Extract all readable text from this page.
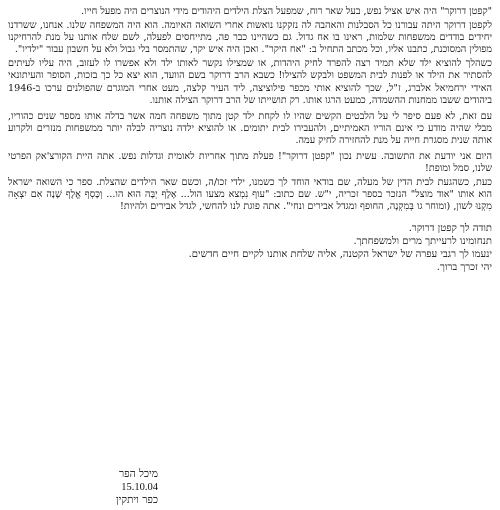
"קפטן דרוקר" היה איש אציל נפש, בעל שאר רוח, שמפעל הצלת הילדים היהודים מידי הנוצרים היה מפעל חייו.

לקפטן דרוקר היתה עבורנו כל הסבלנות והאהבה לה נזקקנו נואשות אחרי השואה האיומה. הוא היה המשפחה שלנו. אנחנו, ששרדנו יחידים בודדים ממשפחות שלמות, ראינו בו אח גדול. גם כשהיינו כבר פה, מתייחסים לפעלה, לשם שלח אותנו על מנת להרחיקנו מפולין המסוכנת, כתבנו אליו, וכל מכתב התחיל ב: "אח היקר". ואכן היה איש יקר, שהתמסר בלי גבול ולא על חשבון עבור "ילדיו".

כשהלך להוציא ילד שלא תמיד רצה להפרד לחיק היהדות, או שמצילו נקשר לאותו ילד ולא אפשרו לו לעזוב, היה עליו לעיתים להסתיר את הילד או לפנות לבית המשפט ולבקש להצילו! כשבא הרב דרוקר בשם הוועד, הוא יצא כל כך בזכות, הסופר והעיתונאי האידי ירחמיאל אלברג, ז"ל, שכך להוציא אותי מכפר פילוציצה, ליד העיר קלצה, מעט אחרי המוגרם שהפולנים ערכו ב-1946 ביהודים ששבו ממחנות ההשמדה, כמעט הרגו אותו. רק תושייתו של הרב דרוקר הצילה אותנו.

עם זאת, לא פעם סיפר לי על הלבטים הקשים שהיו לו לקחת ילד קטן מתוך משפחה חמה אשר בדלה אותו מספר שנים כהוריו, מבלי שהיה מודע כי אינם הוריו האמיתיים, ולהעבירו לבית יתומים. או להוציא ילדה נוצריה לבלה יותר ממשפחות מנזרים ולקרוע אותה שנית מסגרת חייה על מנת להחזירה לחיק עמה.

היום אני יודעת את התשובה. עשית נכון "קפטן דרוקר"! פעלת מתוך אחריות לאומית וגדלות נפש. אתה היית הקורצ'אק הפרטי שלנו, סמל ומופת!

כעת, כשהגעת לבית הדין של מעלה, שם בודאי הוחד לך כשמנו, ילדי זכו/ה, וכשם שאר הילדים שהצלת. ספר כי השואה ישראל הוא אותו "אוד מוצל" הנזכר בספר זכריה, י"ש. שם כתוב: "עוף נִמְצא מצעו הול... אֶלֶף יְבָּה הוּא הו... וְכָּסְף אֱלֶף שָׁנָה אִם יִצְאָה מִקְנוּ לשון, (ומוחר גו בְּמִקְנָה, החופף ומגדל אבירים ונחי". אתה פוגת לנו להחשי, לגדל אבירים ולהיות!

תודה לך קפטן דרוקר.

תנחומינו לרעייתך מרים ולמשפחתך.

ינעמו לך רגבי עפרה של ישראל הקטנה, אליה שלחת אותנו לקיים חיים חדשים.

יהי זכרך ברוך.

מיכל הפר
15.10.04
כפר ויתקין
